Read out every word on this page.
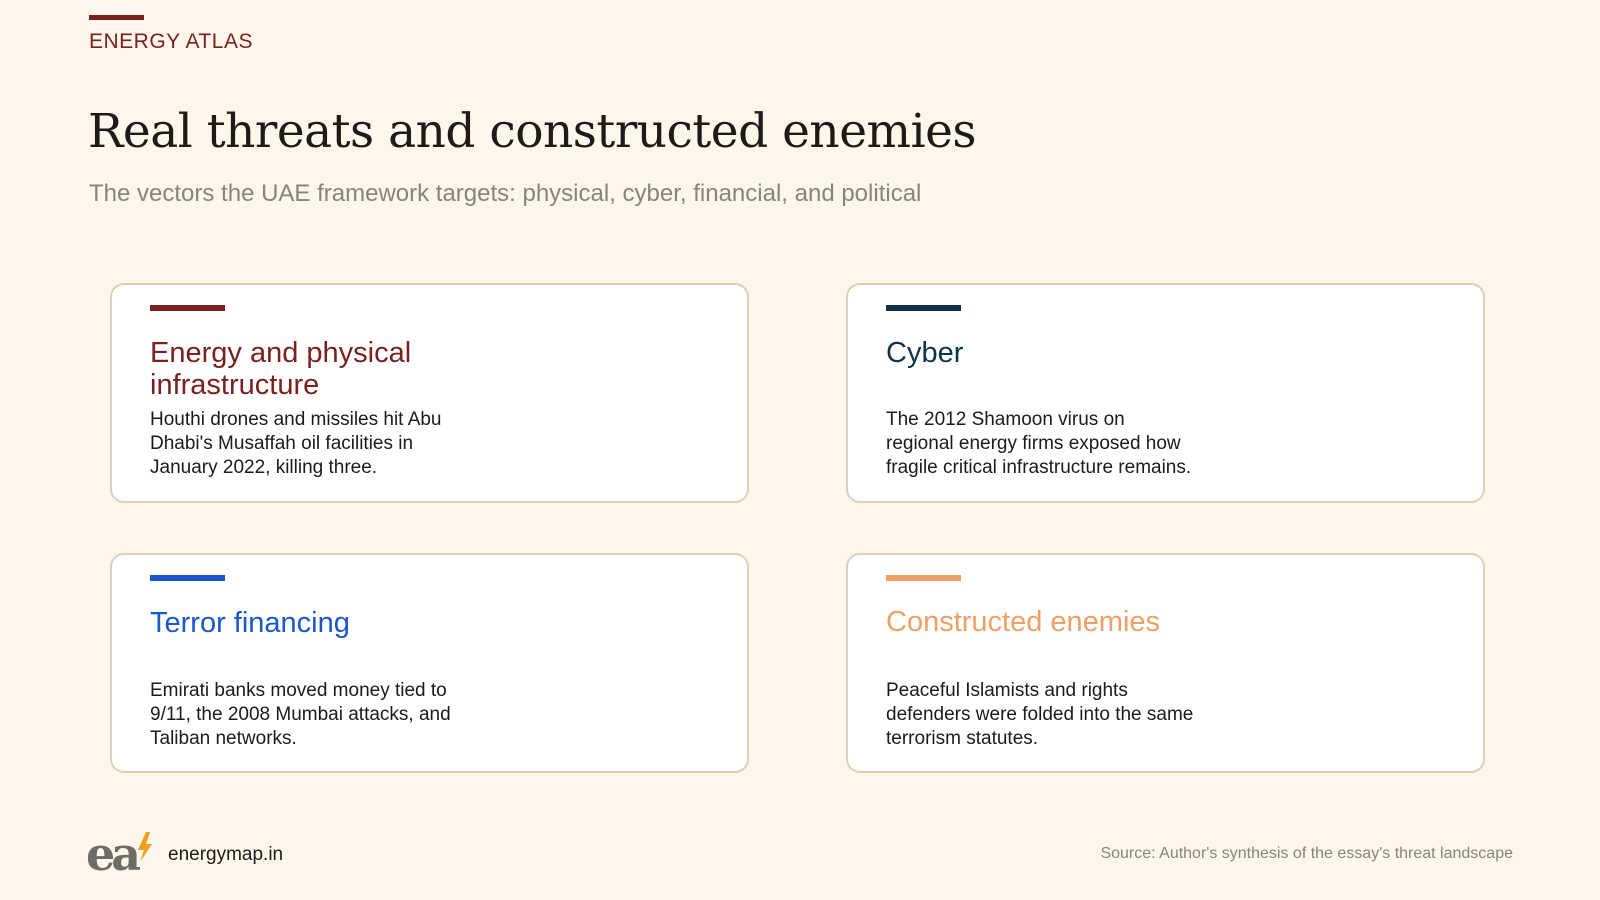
ENERGY ATLAS
Real threats and constructed enemies
The vectors the UAE framework targets: physical, cyber, financial, and political
Energy and physical infrastructure
Houthi drones and missiles hit Abu Dhabi's Musaffah oil facilities in January 2022, killing three.
Cyber
The 2012 Shamoon virus on regional energy firms exposed how fragile critical infrastructure remains.
Terror financing
Emirati banks moved money tied to 9/11, the 2008 Mumbai attacks, and Taliban networks.
Constructed enemies
Peaceful Islamists and rights defenders were folded into the same terrorism statutes.
ea energymap.in	Source: Author's synthesis of the essay's threat landscape
